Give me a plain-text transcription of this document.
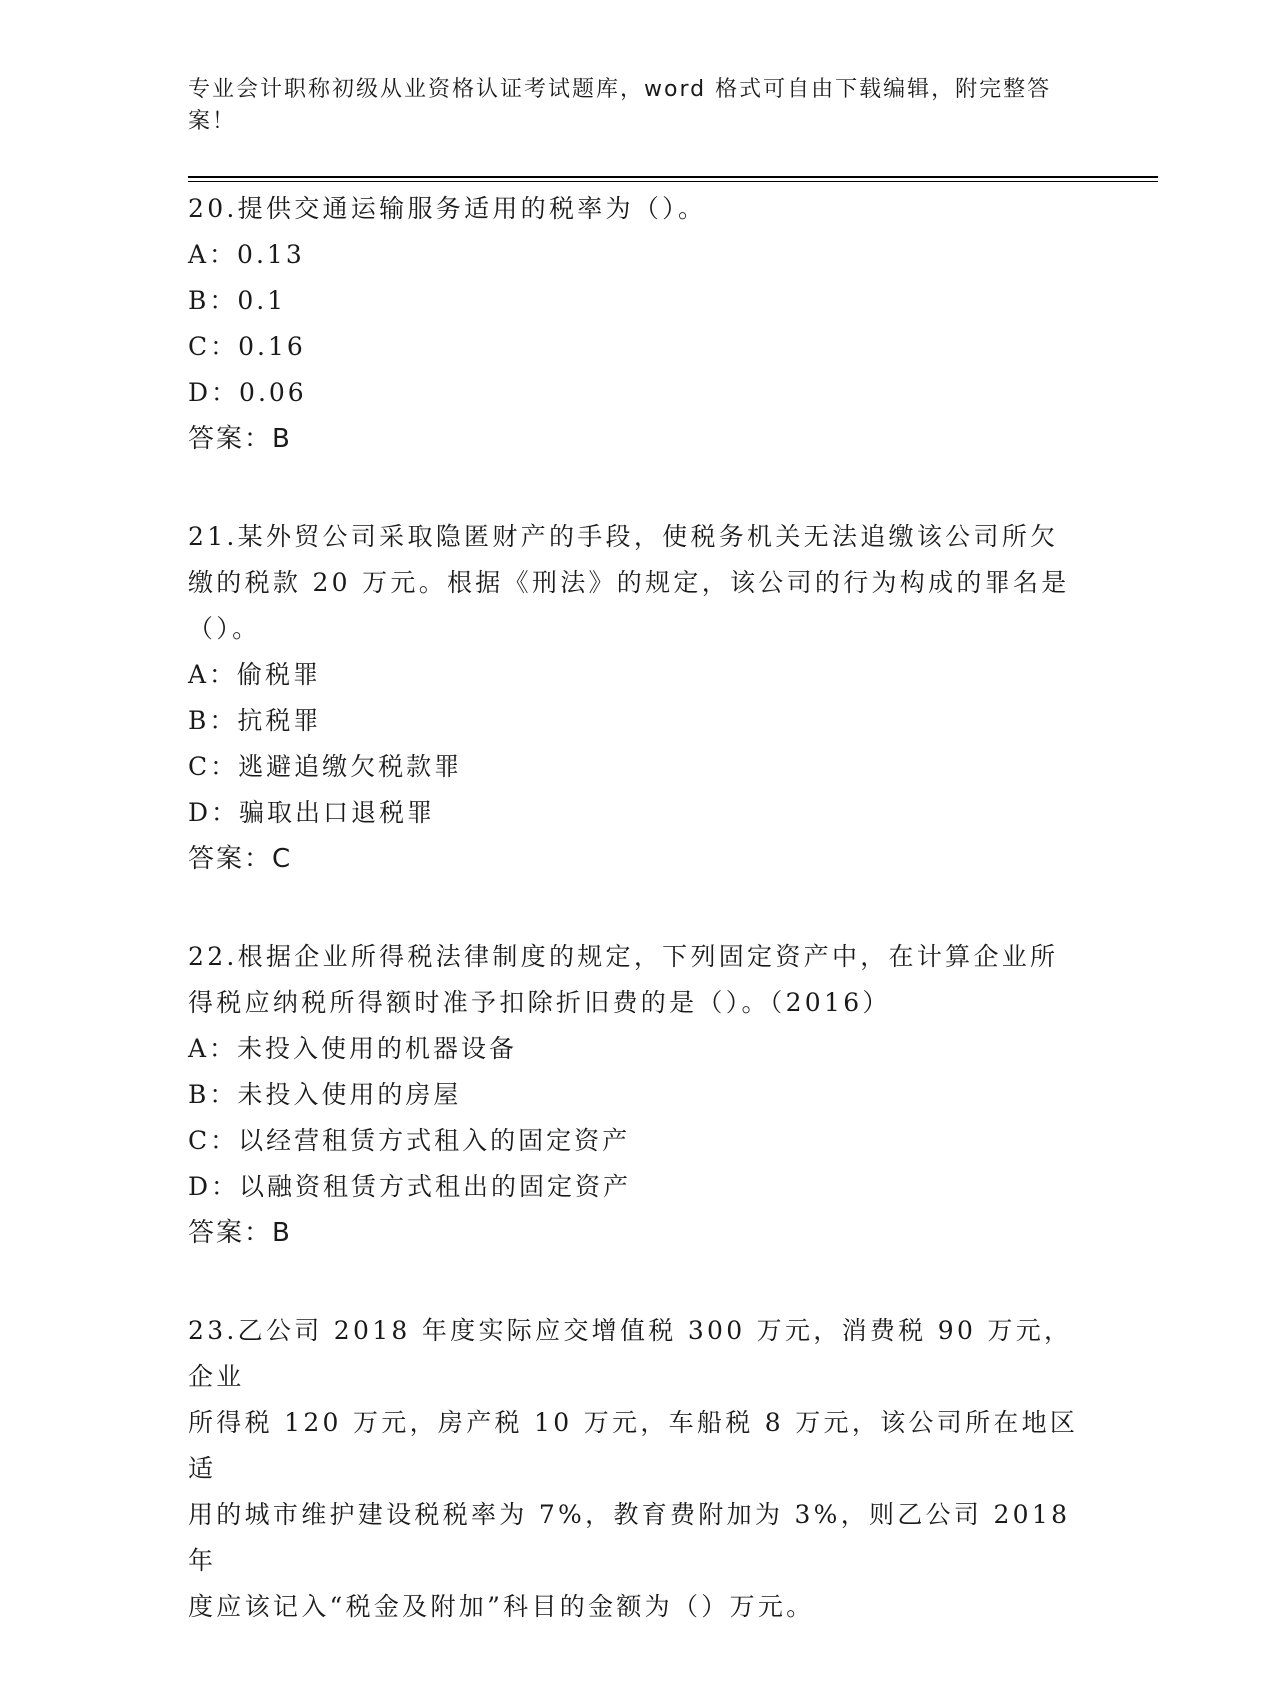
专业会计职称初级从业资格认证考试题库，word 格式可自由下载编辑，附完整答
案！

20.提供交通运输服务适用的税率为（）。

A：0.13

B：0.1

C：0.16

D：0.06

答案：B

21.某外贸公司采取隐匿财产的手段，使税务机关无法追缴该公司所欠

缴的税款 20 万元。根据《刑法》的规定，该公司的行为构成的罪名是

（）。

A：偷税罪

B：抗税罪

C：逃避追缴欠税款罪

D：骗取出口退税罪

答案：C

22.根据企业所得税法律制度的规定，下列固定资产中，在计算企业所

得税应纳税所得额时准予扣除折旧费的是（）。（2016）

A：未投入使用的机器设备

B：未投入使用的房屋

C：以经营租赁方式租入的固定资产

D：以融资租赁方式租出的固定资产

答案：B

23.乙公司 2018 年度实际应交增值税 300 万元，消费税 90 万元，企业

所得税 120 万元，房产税 10 万元，车船税 8 万元，该公司所在地区适

用的城市维护建设税税率为 7%，教育费附加为 3%，则乙公司 2018 年

度应该记入“税金及附加”科目的金额为（）万元。
